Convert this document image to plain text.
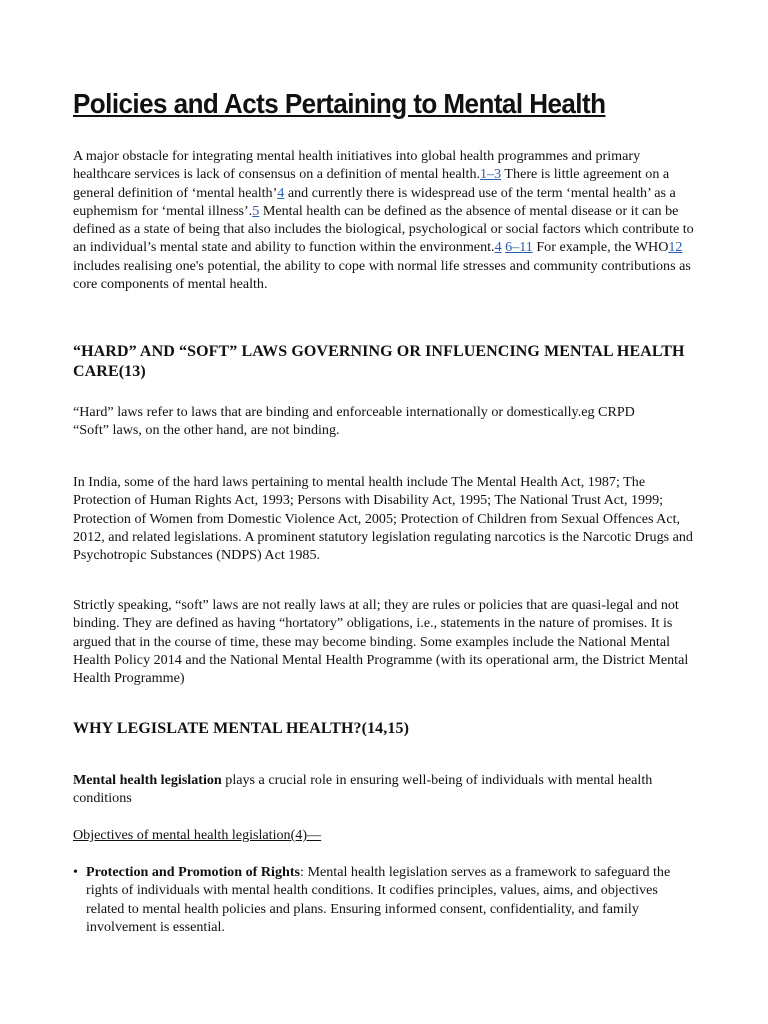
Policies and Acts Pertaining to Mental Health

A major obstacle for integrating mental health initiatives into global health programmes and primary healthcare services is lack of consensus on a definition of mental health.1–3 There is little agreement on a general definition of ‘mental health’4 and currently there is widespread use of the term ‘mental health’ as a euphemism for ‘mental illness’.5 Mental health can be defined as the absence of mental disease or it can be defined as a state of being that also includes the biological, psychological or social factors which contribute to an individual’s mental state and ability to function within the environment.4 6–11 For example, the WHO12 includes realising one's potential, the ability to cope with normal life stresses and community contributions as core components of mental health.

“HARD” AND “SOFT” LAWS GOVERNING OR INFLUENCING MENTAL HEALTH CARE(13)

“Hard” laws refer to laws that are binding and enforceable internationally or domestically.eg CRPD
“Soft” laws, on the other hand, are not binding.

In India, some of the hard laws pertaining to mental health include The Mental Health Act, 1987; The Protection of Human Rights Act, 1993; Persons with Disability Act, 1995; The National Trust Act, 1999; Protection of Women from Domestic Violence Act, 2005; Protection of Children from Sexual Offences Act, 2012, and related legislations. A prominent statutory legislation regulating narcotics is the Narcotic Drugs and Psychotropic Substances (NDPS) Act 1985.

Strictly speaking, “soft” laws are not really laws at all; they are rules or policies that are quasi-legal and not binding. They are defined as having “hortatory” obligations, i.e., statements in the nature of promises. It is argued that in the course of time, these may become binding. Some examples include the National Mental Health Policy 2014 and the National Mental Health Programme (with its operational arm, the District Mental Health Programme)

WHY LEGISLATE MENTAL HEALTH?(14,15)

Mental health legislation plays a crucial role in ensuring well-being of individuals with mental health conditions

Objectives of mental health legislation(4)—

• Protection and Promotion of Rights: Mental health legislation serves as a framework to safeguard the rights of individuals with mental health conditions. It codifies principles, values, aims, and objectives related to mental health policies and plans. Ensuring informed consent, confidentiality, and family involvement is essential.
